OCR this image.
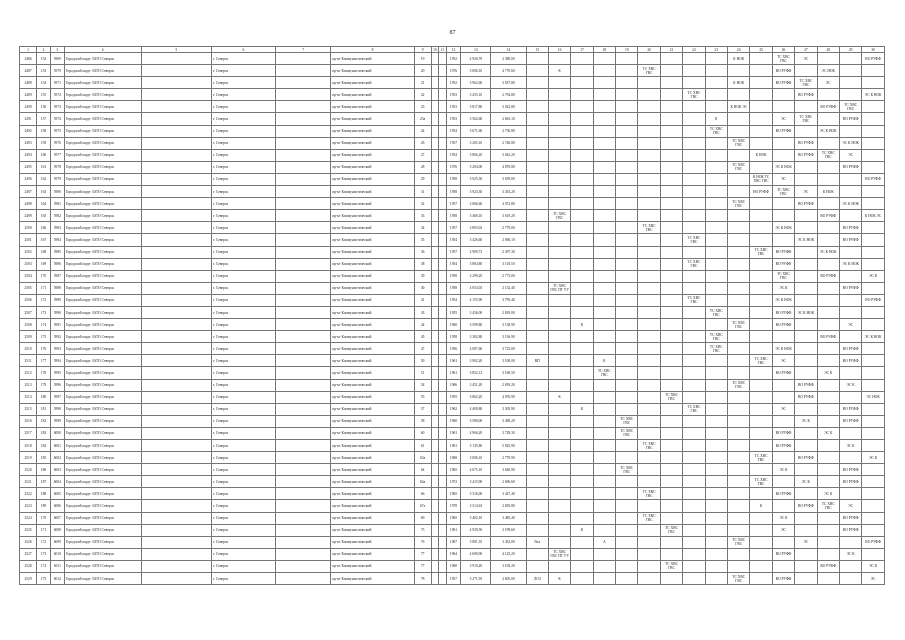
87
1	2	3	4	5	6	7	8	9	10	11	12	13	14	15	16	17	18	19	20	21	22	23	24	25	26	27	28	29	30
2486	152	5969	Городской округ ЗАТО Северск		г. Северск		пр-кт Коммунистический	19			1952	2 920,70	2 380,00										К НОК		ТС ХВС ГВС	ЭС			ВО РУФФ
2487	153	5970	Городской округ ЗАТО Северск		г. Северск		пр-кт Коммунистический	20			1976	5 006,10	4 770,60		К				ТС ХВС ГВС						ВО РУФФ		ЭС НОК		
2488	154	5971	Городской округ ЗАТО Северск		г. Северск		пр-кт Коммунистический	21			1952	3 962,60	3 037,80										К НОК		ВО РУФФ	ТС ХВС ГВС	ЭС		
2489	155	5972	Городской округ ЗАТО Северск		г. Северск		пр-кт Коммунистический	22			1953	3 435,10	2 794,80								ТС ХВС ГВС					ВО РУФФ			ЭС К НОК
2490	156	5973	Городской округ ЗАТО Северск		г. Северск		пр-кт Коммунистический	23			1953	3 817,80	3 022,80										К НОК ЭС				ВО РУФФ	ТС ХВС ГВС	
2491	157	5974	Городской округ ЗАТО Северск		г. Северск		пр-кт Коммунистический	23а			1953	3 562,60	2 663,10									К			ЭС	ТС ХВС ГВС		ВО РУФФ	
2492	158	5975	Городской округ ЗАТО Северск		г. Северск		пр-кт Коммунистический	24			1954	3 671,60	2 730,80									ТС ХВС ГВС			ВО РУФФ		ЭС К НОК		
2493	159	5976	Городской округ ЗАТО Северск		г. Северск		пр-кт Коммунистический	26			1957	3 265,10	2 746,80										ТС ХВС ГВС			ВО РУФФ		ЭС К НОК	
2494	160	5977	Городской округ ЗАТО Северск		г. Северск		пр-кт Коммунистический	27			1954	3 866,20	3 042,20											К НОК		ВО РУФФ	ТС ХВС ГВС	ЭС	
2495	161	5978	Городской округ ЗАТО Северск		г. Северск		пр-кт Коммунистический	28			1976	5 204,00	4 870,80										ТС ХВС ГВС		ЭС К НОК			ВО РУФФ	
2496	162	5979	Городской округ ЗАТО Северск		г. Северск		пр-кт Коммунистический	29			1958	3 925,30	3 039,00											К НОК ТС ХВС ГВС	ЭС				ВО РУФФ
2497	163	5980	Городской округ ЗАТО Северск		г. Северск		пр-кт Коммунистический	31			1958	3 923,30	3 453,20											ВО РУФФ	ТС ХВС ГВС	ЭС	К НОК		
2498	164	5981	Городской округ ЗАТО Северск		г. Северск		пр-кт Коммунистический	32			1957	3 066,60	4 072,80										ТС ХВС ГВС			ВО РУФФ		ЭС К НОК	
2499	165	5982	Городской округ ЗАТО Северск		г. Северск		пр-кт Коммунистический	33			1958	3 468,10	3 619,20		ТС ХВС ГВС												ВО РУФФ		К НОК ЭС
2500	166	5983	Городской округ ЗАТО Северск		г. Северск		пр-кт Коммунистический	34			1957	3 803,02	2 779,00						ТС ХВС ГВС						ЭС К НОК			ВО РУФФ	
2501	167	5984	Городской округ ЗАТО Северск		г. Северск		пр-кт Коммунистический	35			1954	3 426,60	2 006,10								ТС ХВС ГВС					ЭС К НОК		ВО РУФФ	
2502	168	5985	Городской округ ЗАТО Северск		г. Северск		пр-кт Коммунистический	36			1957	2 909,73	2 397,30											ТС ХВС ГВС	ВО РУФФ		ЭС К НОК		
2503	169	5986	Городской округ ЗАТО Северск		г. Северск		пр-кт Коммунистический	38			1954	3 884,80	3 118,50								ТС ХВС ГВС				ВО РУФФ			ЭС К НОК	
2504	170	5987	Городской округ ЗАТО Северск		г. Северск		пр-кт Коммунистический	39			1958	3 299,20	2 773,00												ТС ХВС ГВС		ВО РУФФ		ЭС К
2505	171	5988	Городской округ ЗАТО Северск		г. Северск		пр-кт Коммунистический	40			1958	4 054,03	2 152,40		ТС ХВС ГВС ПТ УУ										ЭС К			ВО РУФФ	
2506	172	5989	Городской округ ЗАТО Северск		г. Северск		пр-кт Коммунистический	41			1954	4 155,90	3 795,40								ТС ХВС ГВС				ЭС К НОК				ВО РУФФ
2507	173	5990	Городской округ ЗАТО Северск		г. Северск		пр-кт Коммунистический	43			1955	3 436,00	2 818,00									ТС ХВС ГВС			ВО РУФФ	ЭС К НОК			
2508	174	5991	Городской округ ЗАТО Северск		г. Северск		пр-кт Коммунистический	44			1960	3 599,80	3 138,90			К							ТС ХВС ГВС		ВО РУФФ			ЭС	
2509	175	5992	Городской округ ЗАТО Северск		г. Северск		пр-кт Коммунистический	45			1958	3 302,80	3 136,90									ТС ХВС ГВС					ВО РУФФ		ЭС К НОК
2510	176	5993	Городской округ ЗАТО Северск		г. Северск		пр-кт Коммунистический	47			1956	4 087,60	3 723,00									ТС ХВС ГВС			ЭС К НОК			ВО РУФФ	
2511	177	5994	Городской округ ЗАТО Северск		г. Северск		пр-кт Коммунистический	50			1961	3 902,20	3 100,00	ВП			К							ТС ХВС ГВС	ЭС			ВО РУФФ	
2512	178	5995	Городской округ ЗАТО Северск		г. Северск		пр-кт Коммунистический	51			1961	3 852,12	3 160,50				ТС ХВС ГВС								ВО РУФФ		ЭС К		
2513	179	5996	Городской округ ЗАТО Северск		г. Северск		пр-кт Коммунистический	54			1966	3 451,20	2 818,20										ТС ХВС ГВС			ВО РУФФ		ЭС К	
2514	180	5997	Городской округ ЗАТО Северск		г. Северск		пр-кт Коммунистический	55			1955	3 862,20	4 076,90		К					ТС ХВС ГВС						ВО РУФФ			ЭС НОК
2515	181	5998	Городской округ ЗАТО Северск		г. Северск		пр-кт Коммунистический	57			1962	4 400,80	3 305,90			К					ТС ХВС ГВС				ЭС			ВО РУФФ	
2516	182	5999	Городской округ ЗАТО Северск		г. Северск		пр-кт Коммунистический	58			1960	3 580,00	3 490,20					ТС ХВС ГВС								ЭС К		ВО РУФФ	
2517	183	6000	Городской округ ЗАТО Северск		г. Северск		пр-кт Коммунистический	60			1961	4 966,20	3 728,30					ТС ХВС ГВС							ВО РУФФ		ЭС К		
2518	184	6001	Городской округ ЗАТО Северск		г. Северск		пр-кт Коммунистический	61			1961	5 135,80	5 825,90						ТС ХВС ГВС						ВО РУФФ			ЭС К	
2519	185	6002	Городской округ ЗАТО Северск		г. Северск		пр-кт Коммунистический	63а			1968	3 006,10	2 779,90											ТС ХВС ГВС		ВО РУФФ			ЭС К
2520	186	6003	Городской округ ЗАТО Северск		г. Северск		пр-кт Коммунистический	64			1965	4 675,10	3 640,90					ТС ХВС ГВС							ЭС К			ВО РУФФ	
2521	187	6004	Городской округ ЗАТО Северск		г. Северск		пр-кт Коммунистический	64а			1972	3 415,90	2 696,60											ТС ХВС ГВС		ЭС К		ВО РУФФ	
2522	188	6005	Городской округ ЗАТО Северск		г. Северск		пр-кт Коммунистический	66			1965	5 316,00	3 427,40						ТС ХВС ГВС						ВО РУФФ		ЭС К		
2523	189	6006	Городской округ ЗАТО Северск		г. Северск		пр-кт Коммунистический	67а			1978	3 314,63	2 695,80											К		ВО РУФФ	ТС ХВС ГВС	ЭС	
2524	170	6007	Городской округ ЗАТО Северск		г. Северск		пр-кт Коммунистический	69			1965	5 402,10	3 485,40						ТС ХВС ГВС						ЭС К			ВО РУФФ	
2525	171	6008	Городской округ ЗАТО Северск		г. Северск		пр-кт Коммунистический	73			1961	4 939,50	3 199,60			К				ТС ХВС ГВС					ЭС			ВО РУФФ	
2526	172	6009	Городской округ ЗАТО Северск		г. Северск		пр-кт Коммунистический	76			1967	5 801,35	3 452,00	Лил			А						ТС ХВС ГВС			ЭС			ВО РУФФ
2527	173	6010	Городской округ ЗАТО Северск		г. Северск		пр-кт Коммунистический	77			1964	4 690,90	4 125,20		ТС ХВС ГВС ПТ УУ										ВО РУФФ			ЭС К	
2528	174	6011	Городской округ ЗАТО Северск		г. Северск		пр-кт Коммунистический	77			1960	3 910,20	3 105,20							ТС ХВС ГВС							ВО РУФФ		ЭС К
2529	175	6012	Городской округ ЗАТО Северск		г. Северск		пр-кт Коммунистический	78			1957	3 271,95	2 605,00	ЛОЗ	К								ТС ХВС ГВС		ВО РУФФ				ЭС
